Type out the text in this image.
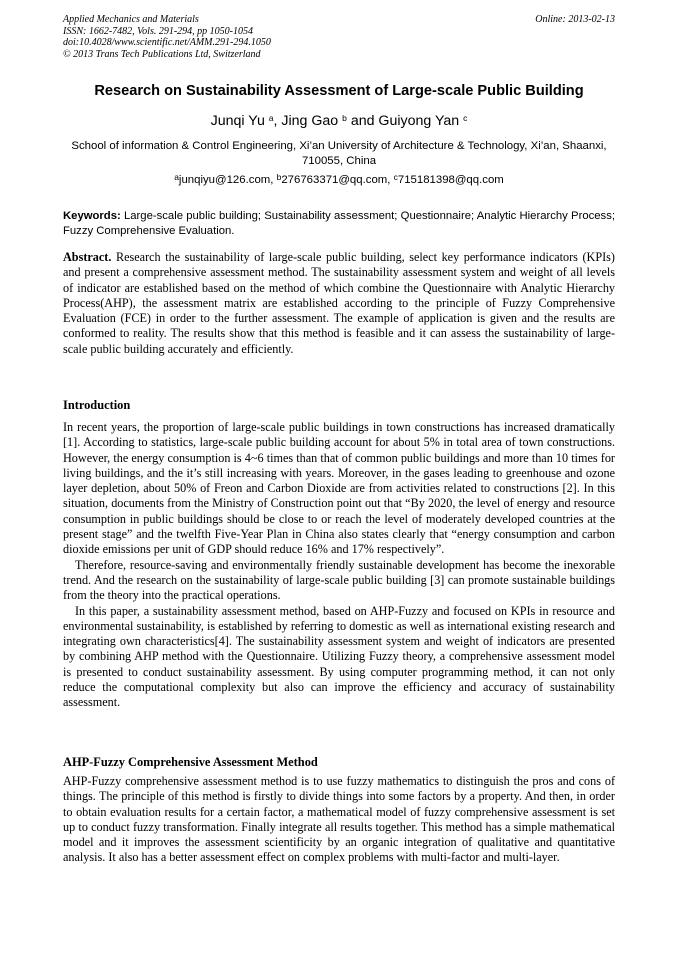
Applied Mechanics and Materials
ISSN: 1662-7482, Vols. 291-294, pp 1050-1054
doi:10.4028/www.scientific.net/AMM.291-294.1050
© 2013 Trans Tech Publications Ltd, Switzerland
Online: 2013-02-13
Research on Sustainability Assessment of Large-scale Public Building
Junqi Yu $^a$, Jing Gao $^b$ and Guiyong Yan $^c$
School of information & Control Engineering, Xi’an University of Architecture & Technology, Xi’an, Shaanxi, 710055, China
$^a$junqiyu@126.com, $^b$276763371@qq.com, $^c$715181398@qq.com
Keywords: Large-scale public building; Sustainability assessment; Questionnaire; Analytic Hierarchy Process; Fuzzy Comprehensive Evaluation.
Abstract. Research the sustainability of large-scale public building, select key performance indicators (KPIs) and present a comprehensive assessment method. The sustainability assessment system and weight of all levels of indicator are established based on the method of which combine the Questionnaire with Analytic Hierarchy Process(AHP), the assessment matrix are established according to the principle of Fuzzy Comprehensive Evaluation (FCE) in order to the further assessment. The example of application is given and the results are conformed to reality. The results show that this method is feasible and it can assess the sustainability of large-scale public building accurately and efficiently.
Introduction

In recent years, the proportion of large-scale public buildings in town constructions has increased dramatically [1]. According to statistics, large-scale public building account for about 5% in total area of town constructions. However, the energy consumption is 4~6 times than that of common public buildings and more than 10 times for living buildings, and the it’s still increasing with years. Moreover, in the gases leading to greenhouse and ozone layer depletion, about 50% of Freon and Carbon Dioxide are from activities related to constructions [2]. In this situation, documents from the Ministry of Construction point out that “By 2020, the level of energy and resource consumption in public buildings should be close to or reach the level of moderately developed countries at the present stage” and the twelfth Five-Year Plan in China also states clearly that “energy consumption and carbon dioxide emissions per unit of GDP should reduce 16% and 17% respectively”.

Therefore, resource-saving and environmentally friendly sustainable development has become the inexorable trend. And the research on the sustainability of large-scale public building [3] can promote sustainable buildings from the theory into the practical operations.

In this paper, a sustainability assessment method, based on AHP-Fuzzy and focused on KPIs in resource and environmental sustainability, is established by referring to domestic as well as international existing research and integrating own characteristics[4]. The sustainability assessment system and weight of indicators are presented by combining AHP method with the Questionnaire. Utilizing Fuzzy theory, a comprehensive assessment model is presented to conduct sustainability assessment. By using computer programming method, it can not only reduce the computational complexity but also can improve the efficiency and accuracy of sustainability assessment.

AHP-Fuzzy Comprehensive Assessment Method

AHP-Fuzzy comprehensive assessment method is to use fuzzy mathematics to distinguish the pros and cons of things. The principle of this method is firstly to divide things into some factors by a property. And then, in order to obtain evaluation results for a certain factor, a mathematical model of fuzzy comprehensive assessment is set up to conduct fuzzy transformation. Finally integrate all results together. This method has a simple mathematical model and it improves the assessment scientificity by an organic integration of qualitative and quantitative analysis. It also has a better assessment effect on complex problems with multi-factor and multi-layer.
